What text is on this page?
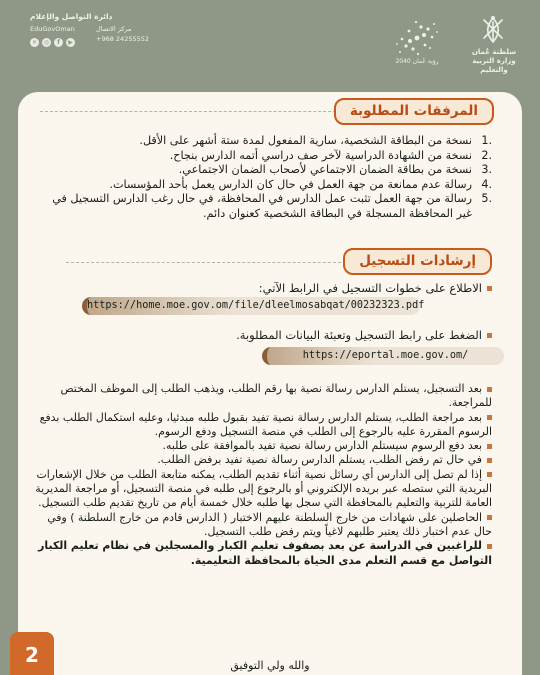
دائرة التواصل والإعلام
EduGovOman
✕	◎	f	▶
مركز الاتصال
+968 24255552
رؤية عُمان 2040
سلطنة عُمان
وزارة التربية والتعليم
المرفقات المطلوبة
.1
نسخة من البطاقة الشخصية، سارية المفعول لمدة ستة أشهر على الأقل.
.2
نسخة من الشهادة الدراسية لآخر صف دراسي أتمه الدارس بنجاح.
.3
نسخة من بطاقة الضمان الاجتماعي لأصحاب الضمان الاجتماعي.
.4
رسالة عدم ممانعة من جهة العمل في حال كان الدارس يعمل بأحد المؤسسات.
.5
رسالة من جهة العمل تثبت عمل الدارس في المحافظة، في حال رغب الدارس التسجيل في غير المحافظة المسجلة في البطاقة الشخصية كعنوان دائم.
إرشادات التسجيل
الاطلاع على خطوات التسجيل في الرابط الآتي:
https://home.moe.gov.om/file/dleelmosabqat/00232323.pdf
الضغط على رابط التسجيل وتعبئة البيانات المطلوبة.
https://eportal.moe.gov.om/

بعد التسجيل، يستلم الدارس رسالة نصية بها رقم الطلب، ويذهب الطلب إلى الموظف المختص للمراجعة.

بعد مراجعة الطلب، يستلم الدارس رسالة نصية تفيد بقبول طلبه مبدئيا، وعليه استكمال الطلب بدفع الرسوم المقررة عليه بالرجوع إلى الطلب في منصة التسجيل ودفع الرسوم.

بعد دفع الرسوم سيستلم الدارس رسالة نصية تفيد بالموافقة على طلبه.

في حال تم رفض الطلب، يستلم الدارس رسالة نصية تفيد برفض الطلب.

إذا لم تصل إلى الدارس أي رسائل نصية أثناء تقديم الطلب، يمكنه متابعة الطلب من خلال الإشعارات البريدية التي ستصله عبر بريده الإلكتروني أو بالرجوع إلى طلبه في منصة التسجيل، أو مراجعة المديرية العامة للتربية والتعليم بالمحافظة التي سجل بها طلبه خلال خمسة أيام من تاريخ تقديم طلب التسجيل.

الحاصلين على شهادات من خارج السلطنة عليهم الاختبار ( الدارس قادم من خارج السلطنة ) وفي حال عدم اختبار ذلك يعتبر طلبهم لاغياً ويتم رفض طلب التسجيل.

للراغبين في الدراسة عن بعد بصفوف تعليم الكبار والمسجلين في نظام تعليم الكبار التواصل مع قسم التعلم مدى الحياة بالمحافظة التعليمية.

والله ولي التوفيق
2
